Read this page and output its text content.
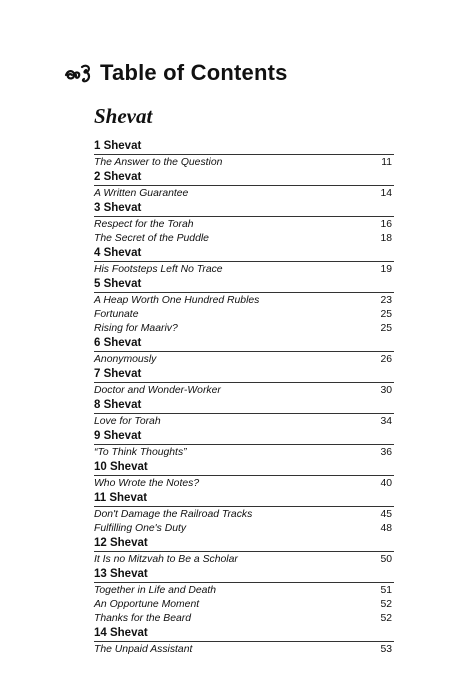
Table of Contents
Shevat
1 Shevat
The Answer to the Question	11
2 Shevat
A Written Guarantee	14
3 Shevat
Respect for the Torah	16
The Secret of the Puddle	18
4 Shevat
His Footsteps Left No Trace	19
5 Shevat
A Heap Worth One Hundred Rubles	23
Fortunate	25
Rising for Maariv?	25
6 Shevat
Anonymously	26
7 Shevat
Doctor and Wonder-Worker	30
8 Shevat
Love for Torah	34
9 Shevat
“To Think Thoughts”	36
10 Shevat
Who Wrote the Notes?	40
11 Shevat
Don't Damage the Railroad Tracks	45
Fulfilling One's Duty	48
12 Shevat
It Is no Mitzvah to Be a Scholar	50
13 Shevat
Together in Life and Death	51
An Opportune Moment	52
Thanks for the Beard	52
14 Shevat
The Unpaid Assistant	53
